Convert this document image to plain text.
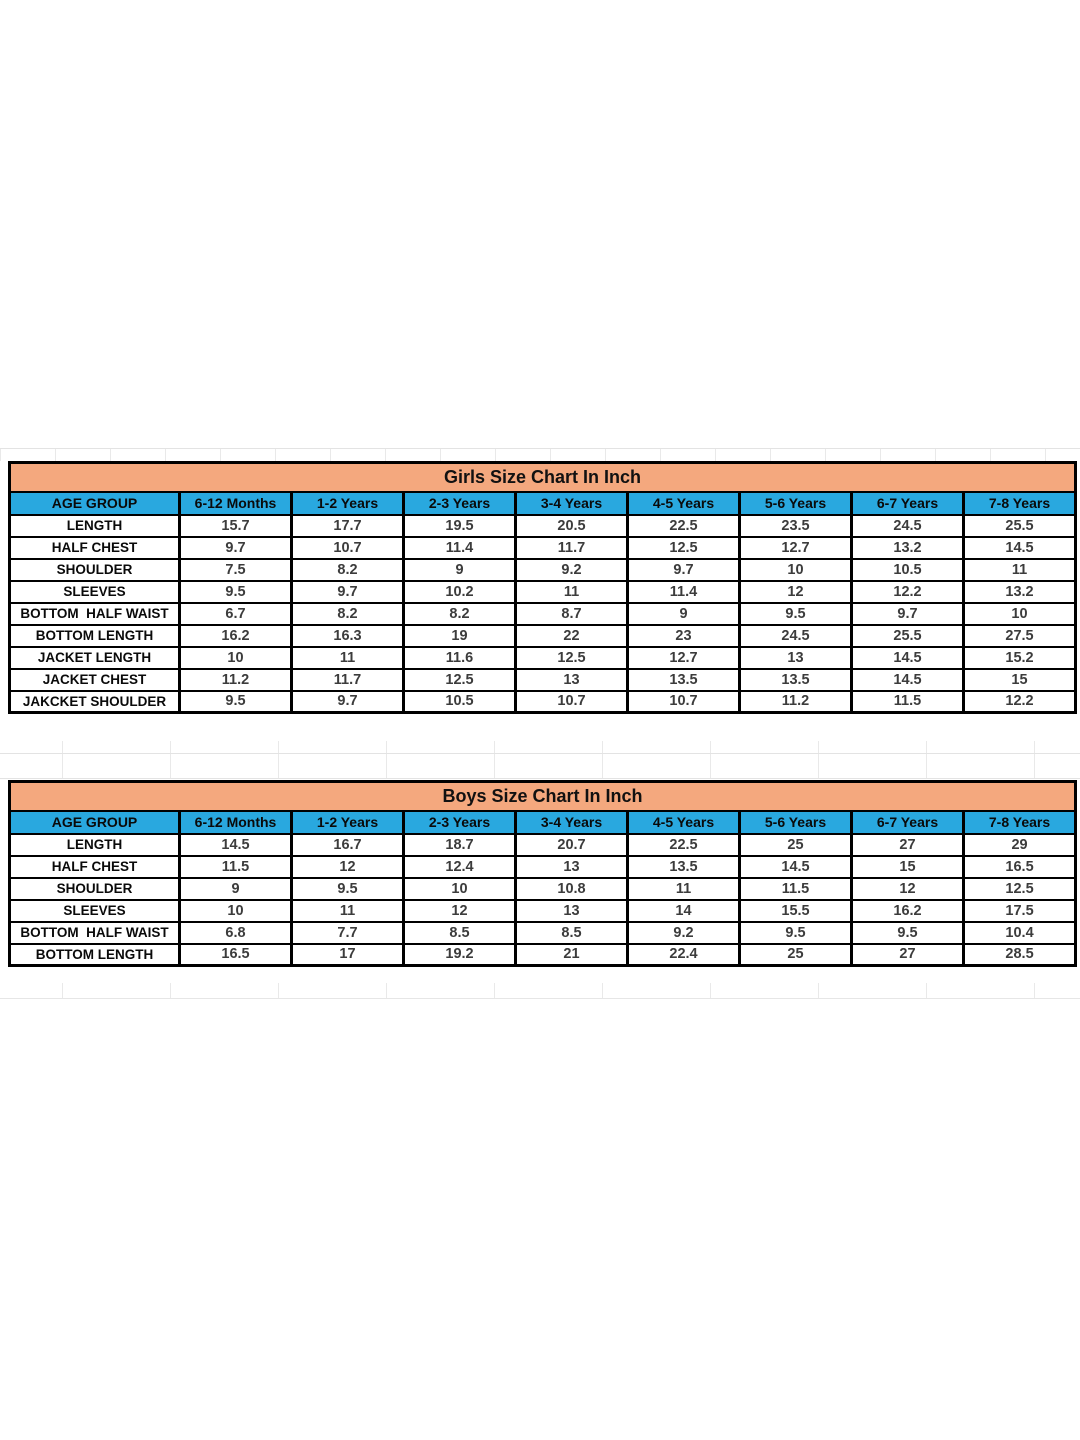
Girls Size Chart In Inch								
AGE GROUP	6-12 Months	1-2 Years	2-3 Years	3-4 Years	4-5 Years	5-6 Years	6-7 Years	7-8 Years
LENGTH	15.7	17.7	19.5	20.5	22.5	23.5	24.5	25.5
HALF CHEST	9.7	10.7	11.4	11.7	12.5	12.7	13.2	14.5
SHOULDER	7.5	8.2	9	9.2	9.7	10	10.5	11
SLEEVES	9.5	9.7	10.2	11	11.4	12	12.2	13.2
BOTTOM  HALF WAIST	6.7	8.2	8.2	8.7	9	9.5	9.7	10
BOTTOM LENGTH	16.2	16.3	19	22	23	24.5	25.5	27.5
JACKET LENGTH	10	11	11.6	12.5	12.7	13	14.5	15.2
JACKET CHEST	11.2	11.7	12.5	13	13.5	13.5	14.5	15
JAKCKET SHOULDER	9.5	9.7	10.5	10.7	10.7	11.2	11.5	12.2
Boys Size Chart In Inch								
AGE GROUP	6-12 Months	1-2 Years	2-3 Years	3-4 Years	4-5 Years	5-6 Years	6-7 Years	7-8 Years
LENGTH	14.5	16.7	18.7	20.7	22.5	25	27	29
HALF CHEST	11.5	12	12.4	13	13.5	14.5	15	16.5
SHOULDER	9	9.5	10	10.8	11	11.5	12	12.5
SLEEVES	10	11	12	13	14	15.5	16.2	17.5
BOTTOM  HALF WAIST	6.8	7.7	8.5	8.5	9.2	9.5	9.5	10.4
BOTTOM LENGTH	16.5	17	19.2	21	22.4	25	27	28.5
